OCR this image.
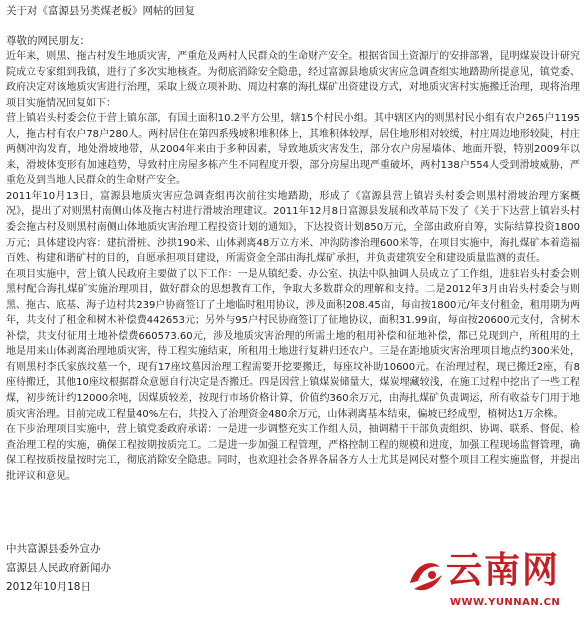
关于对《富源县另类煤老板》网帖的回复
尊敬的网民朋友：

近年来，则黑、拖古村发生地质灾害，严重危及两村人民群众的生命财产安全。根据省国土资源厅的安排部署，昆明煤炭设计研究院成立专家组到我镇，进行了多次实地核查。为彻底消除安全隐患，经过富源县地质灾害应急调查组实地踏勘所提意见，镇党委、政府决定对该地质灾害进行治理，采取上级立项补助、周边村寨的海扎煤矿出资建设方式，对地质灾害村实施搬迁治理，现将治理项目实施情况回复如下：

营上镇岩头村委会位于营上镇东部，有国土面积10.2平方公里，辖15个村民小组。其中辖区内的则黑村民小组有农户265户1195人，拖古村有农户78户280人。两村居住在第四系残坡积堆积体上，其堆积体较厚，居住地形相对较缓，村庄周边地形较陡，村庄两侧冲沟发育，地处滑坡地带，从2004年来由于多种因素，导致地质灾害发生，部分农户房屋墙体、地面开裂，特别2009年以来，滑坡体变形有加速趋势，导致村庄房屋多栋产生不同程度开裂，部分房屋出现严重破坏，两村138户554人受到滑坡威胁，严重危及到当地人民群众的生命财产安全。

2011年10月13日，富源县地质灾害应急调查组再次前往实地踏勘，形成了《富源县营上镇岩头村委会则黑村滑坡治理方案概况》，提出了对则黑村南侧山体及拖古村进行滑坡治理建议。2011年12月8日富源县发展和改革局下发了《关于下达营上镇岩头村委会拖古村及则黑村南侧山体地质灾害治理工程投资计划的通知》，下达投资计划850万元，全部由政府自筹，实际结算投资1800万元；具体建设内容：建抗滑桩、沙拱190米、山体剥离48万立方米、冲沟防渗治理600米等，在项目实施中，海扎煤矿本着造福百姓、构建和谐矿村的目的，自愿承担项目建设，所需资金全部由海扎煤矿承担，并负责建筑安全和建设质量监测的责任。

在项目实施中，营上镇人民政府主要做了以下工作：一是从镇纪委、办公室、执法中队抽调人员成立了工作组，进驻岩头村委会则黑村配合海扎煤矿实施治理项目，做好群众的思想教育工作，争取大多数群众的理解和支持。二是2012年3月由岩头村委会与则黑、拖古、底基、海子边村共239户协商签订了土地临时租用协议，涉及面积208.45亩，每亩按1800元/年支付租金，租用期为两年，共支付了租金和树木补偿费442653元；另外与95户村民协商签订了征地协议，面积31.99亩，每亩按20600元支付，含树木补偿，共支付征用土地补偿费660573.60元，涉及地质灾害治理的所需土地的租用补偿和征地补偿，都已兑现到户，所租用的土地是用来山体剥离治理地质灾害，待工程实施结束，所租用土地进行复耕归还农户。三是在距地质灾害治理项目地点约300米处，有则黑村李氏家族坟墓一个，现有17座坟墓因治理工程需要开挖要搬迁，每座坟补助10600元。在治理过程，现已搬迁2座，有8座待搬迁，其他10座坟根据群众意愿自行决定是否搬迁。四是因营上镇煤炭储量大，煤炭埋藏较浅，在施工过程中挖出了一些工程煤，初步统计约12000余吨，因煤质较差，按现行市场价格计算，价值约360余万元，由海扎煤矿负责调运，所有收益专门用于地质灾害治理。目前完成工程量40%左右，共投入了治理资金480余万元，山体剥离基本结束，偏坡已经成型，植树达1万余株。

在下步治理项目实施中，营上镇党委政府承诺：一是进一步调整充实工作组人员，抽调精干干部负责组织、协调、联系、督促、检查治理工程的实施，确保工程按期按质完工。二是进一步加强工程管理，严格控制工程的规模和进度，加强工程现场监督管理，确保工程按质按量按时完工，彻底消除安全隐患。同时，也欢迎社会各界各届各方人士尤其是网民对整个项目工程实施监督，并提出批评议和意见。

中共富源县委外宣办
富源县人民政府新闻办
2012年10月18日	云南网
WWW.YUNNAN.CN
